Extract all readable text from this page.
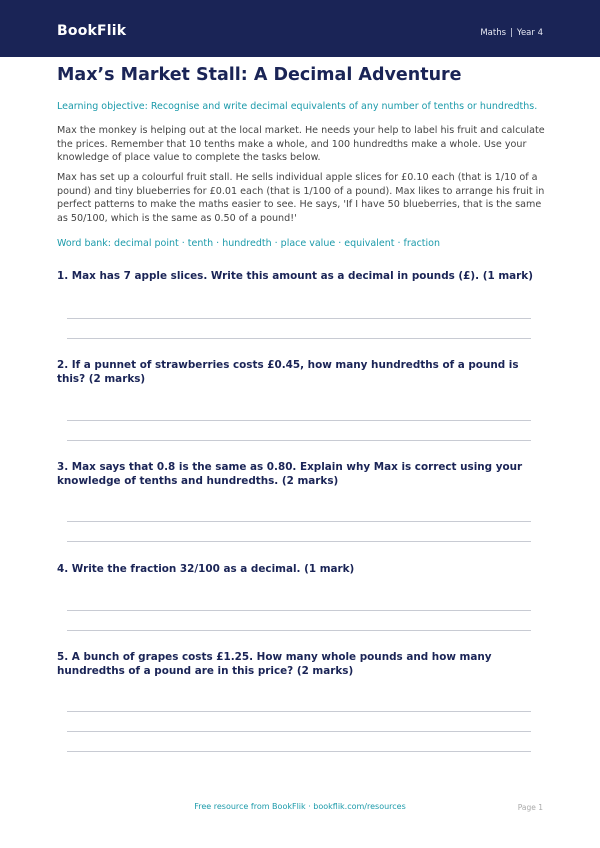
BookFlik	Maths | Year 4
Max’s Market Stall: A Decimal Adventure
Learning objective: Recognise and write decimal equivalents of any number of tenths or hundredths.

Max the monkey is helping out at the local market. He needs your help to label his fruit and calculate the prices. Remember that 10 tenths make a whole, and 100 hundredths make a whole. Use your knowledge of place value to complete the tasks below.

Max has set up a colourful fruit stall. He sells individual apple slices for £0.10 each (that is 1/10 of a pound) and tiny blueberries for £0.01 each (that is 1/100 of a pound). Max likes to arrange his fruit in perfect patterns to make the maths easier to see. He says, 'If I have 50 blueberries, that is the same as 50/100, which is the same as 0.50 of a pound!'

Word bank: decimal point · tenth · hundredth · place value · equivalent · fraction

1. Max has 7 apple slices. Write this amount as a decimal in pounds (£). (1 mark)

2. If a punnet of strawberries costs £0.45, how many hundredths of a pound is this? (2 marks)

3. Max says that 0.8 is the same as 0.80. Explain why Max is correct using your knowledge of tenths and hundredths. (2 marks)

4. Write the fraction 32/100 as a decimal. (1 mark)

5. A bunch of grapes costs £1.25. How many whole pounds and how many hundredths of a pound are in this price? (2 marks)

Free resource from BookFlik · bookflik.com/resources	Page 1
